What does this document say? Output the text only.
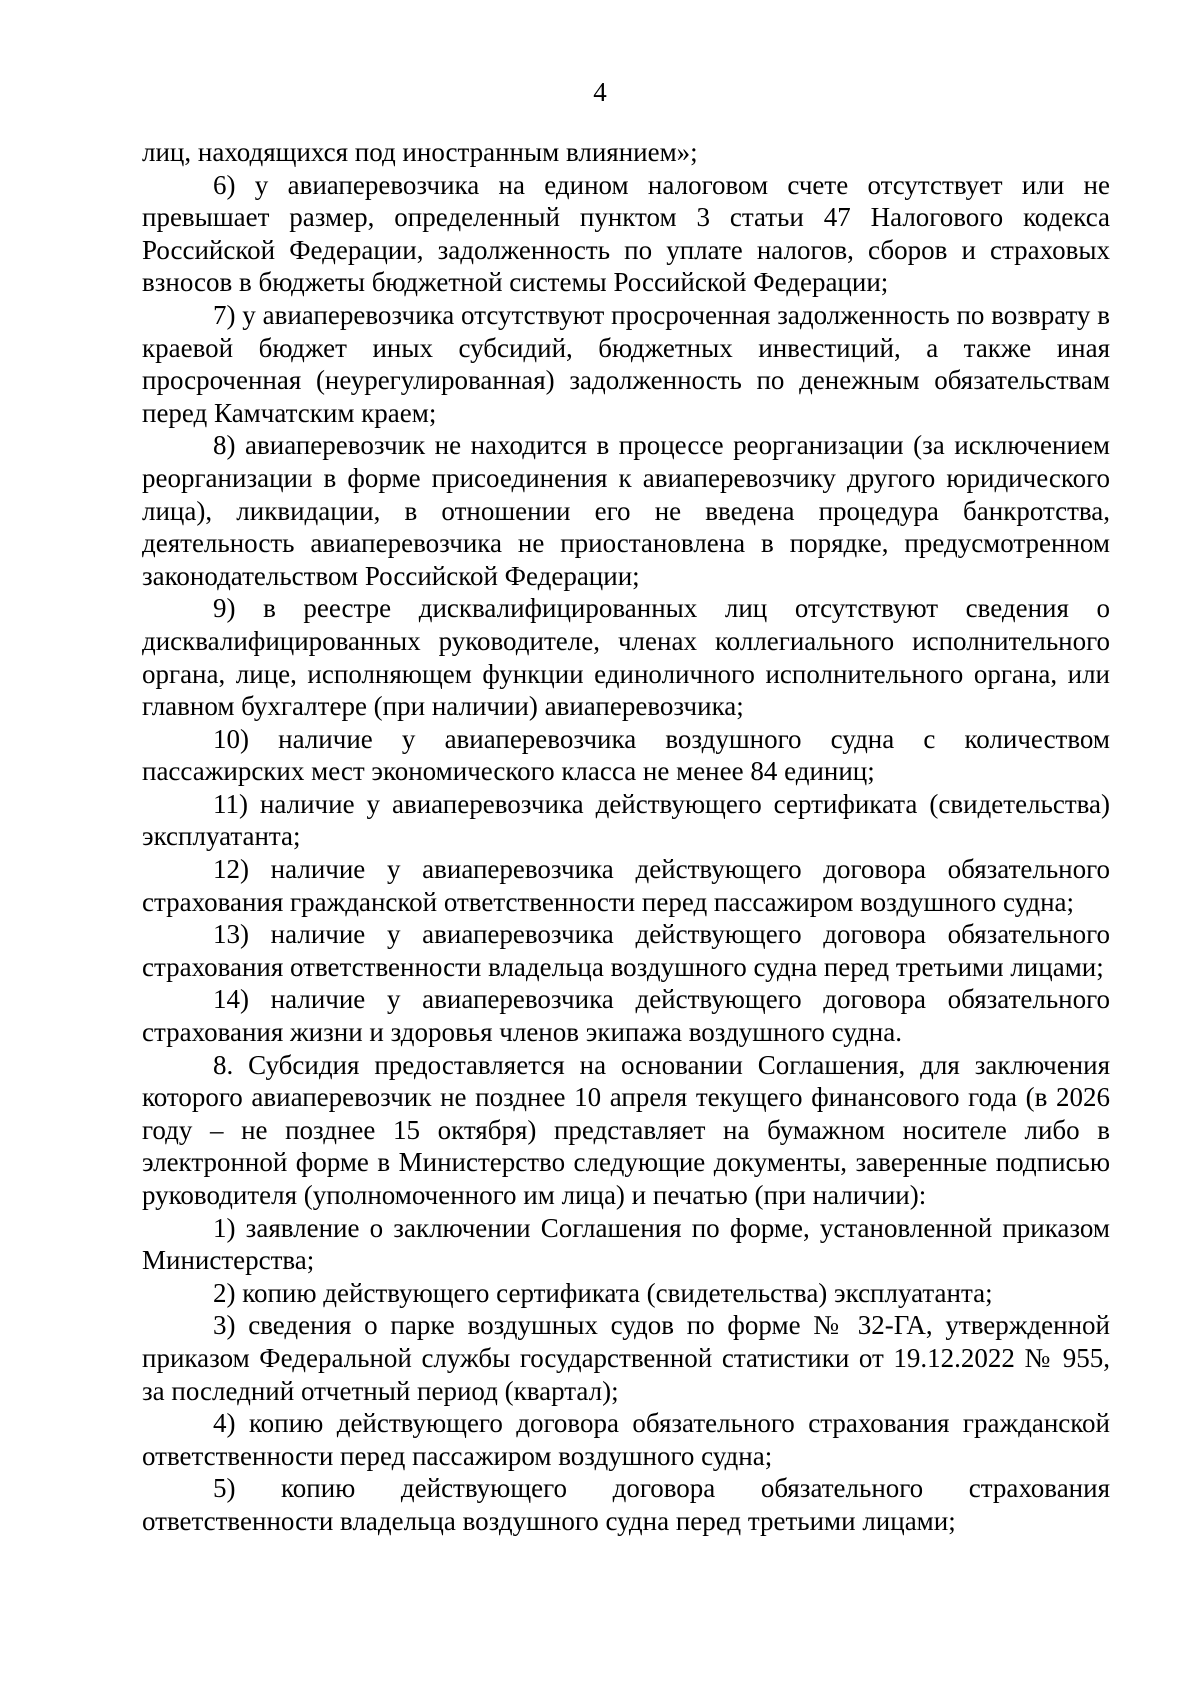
4

лиц, находящихся под иностранным влиянием»;

6) у авиаперевозчика на едином налоговом счете отсутствует или не превышает размер, определенный пунктом 3 статьи 47 Налогового кодекса Российской Федерации, задолженность по уплате налогов, сборов и страховых взносов в бюджеты бюджетной системы Российской Федерации;

7) у авиаперевозчика отсутствуют просроченная задолженность по возврату в краевой бюджет иных субсидий, бюджетных инвестиций, а также иная просроченная (неурегулированная) задолженность по денежным обязательствам перед Камчатским краем;

8) авиаперевозчик не находится в процессе реорганизации (за исключением реорганизации в форме присоединения к авиаперевозчику другого юридического лица), ликвидации, в отношении его не введена процедура банкротства, деятельность авиаперевозчика не приостановлена в порядке, предусмотренном законодательством Российской Федерации;

9) в реестре дисквалифицированных лиц отсутствуют сведения о дисквалифицированных руководителе, членах коллегиального исполнительного органа, лице, исполняющем функции единоличного исполнительного органа, или главном бухгалтере (при наличии) авиаперевозчика;

10) наличие у авиаперевозчика воздушного судна с количеством пассажирских мест экономического класса не менее 84 единиц;

11) наличие у авиаперевозчика действующего сертификата (свидетельства) эксплуатанта;

12) наличие у авиаперевозчика действующего договора обязательного страхования гражданской ответственности перед пассажиром воздушного судна;

13) наличие у авиаперевозчика действующего договора обязательного страхования ответственности владельца воздушного судна перед третьими лицами;

14) наличие у авиаперевозчика действующего договора обязательного страхования жизни и здоровья членов экипажа воздушного судна.

8. Субсидия предоставляется на основании Соглашения, для заключения которого авиаперевозчик не позднее 10 апреля текущего финансового года (в 2026 году – не позднее 15 октября) представляет на бумажном носителе либо в электронной форме в Министерство следующие документы, заверенные подписью руководителя (уполномоченного им лица) и печатью (при наличии):

1) заявление о заключении Соглашения по форме, установленной приказом Министерства;

2) копию действующего сертификата (свидетельства) эксплуатанта;

3) сведения о парке воздушных судов по форме № 32-ГА, утвержденной приказом Федеральной службы государственной статистики от 19.12.2022 № 955, за последний отчетный период (квартал);

4) копию действующего договора обязательного страхования гражданской ответственности перед пассажиром воздушного судна;

5) копию действующего договора обязательного страхования ответственности владельца воздушного судна перед третьими лицами;
